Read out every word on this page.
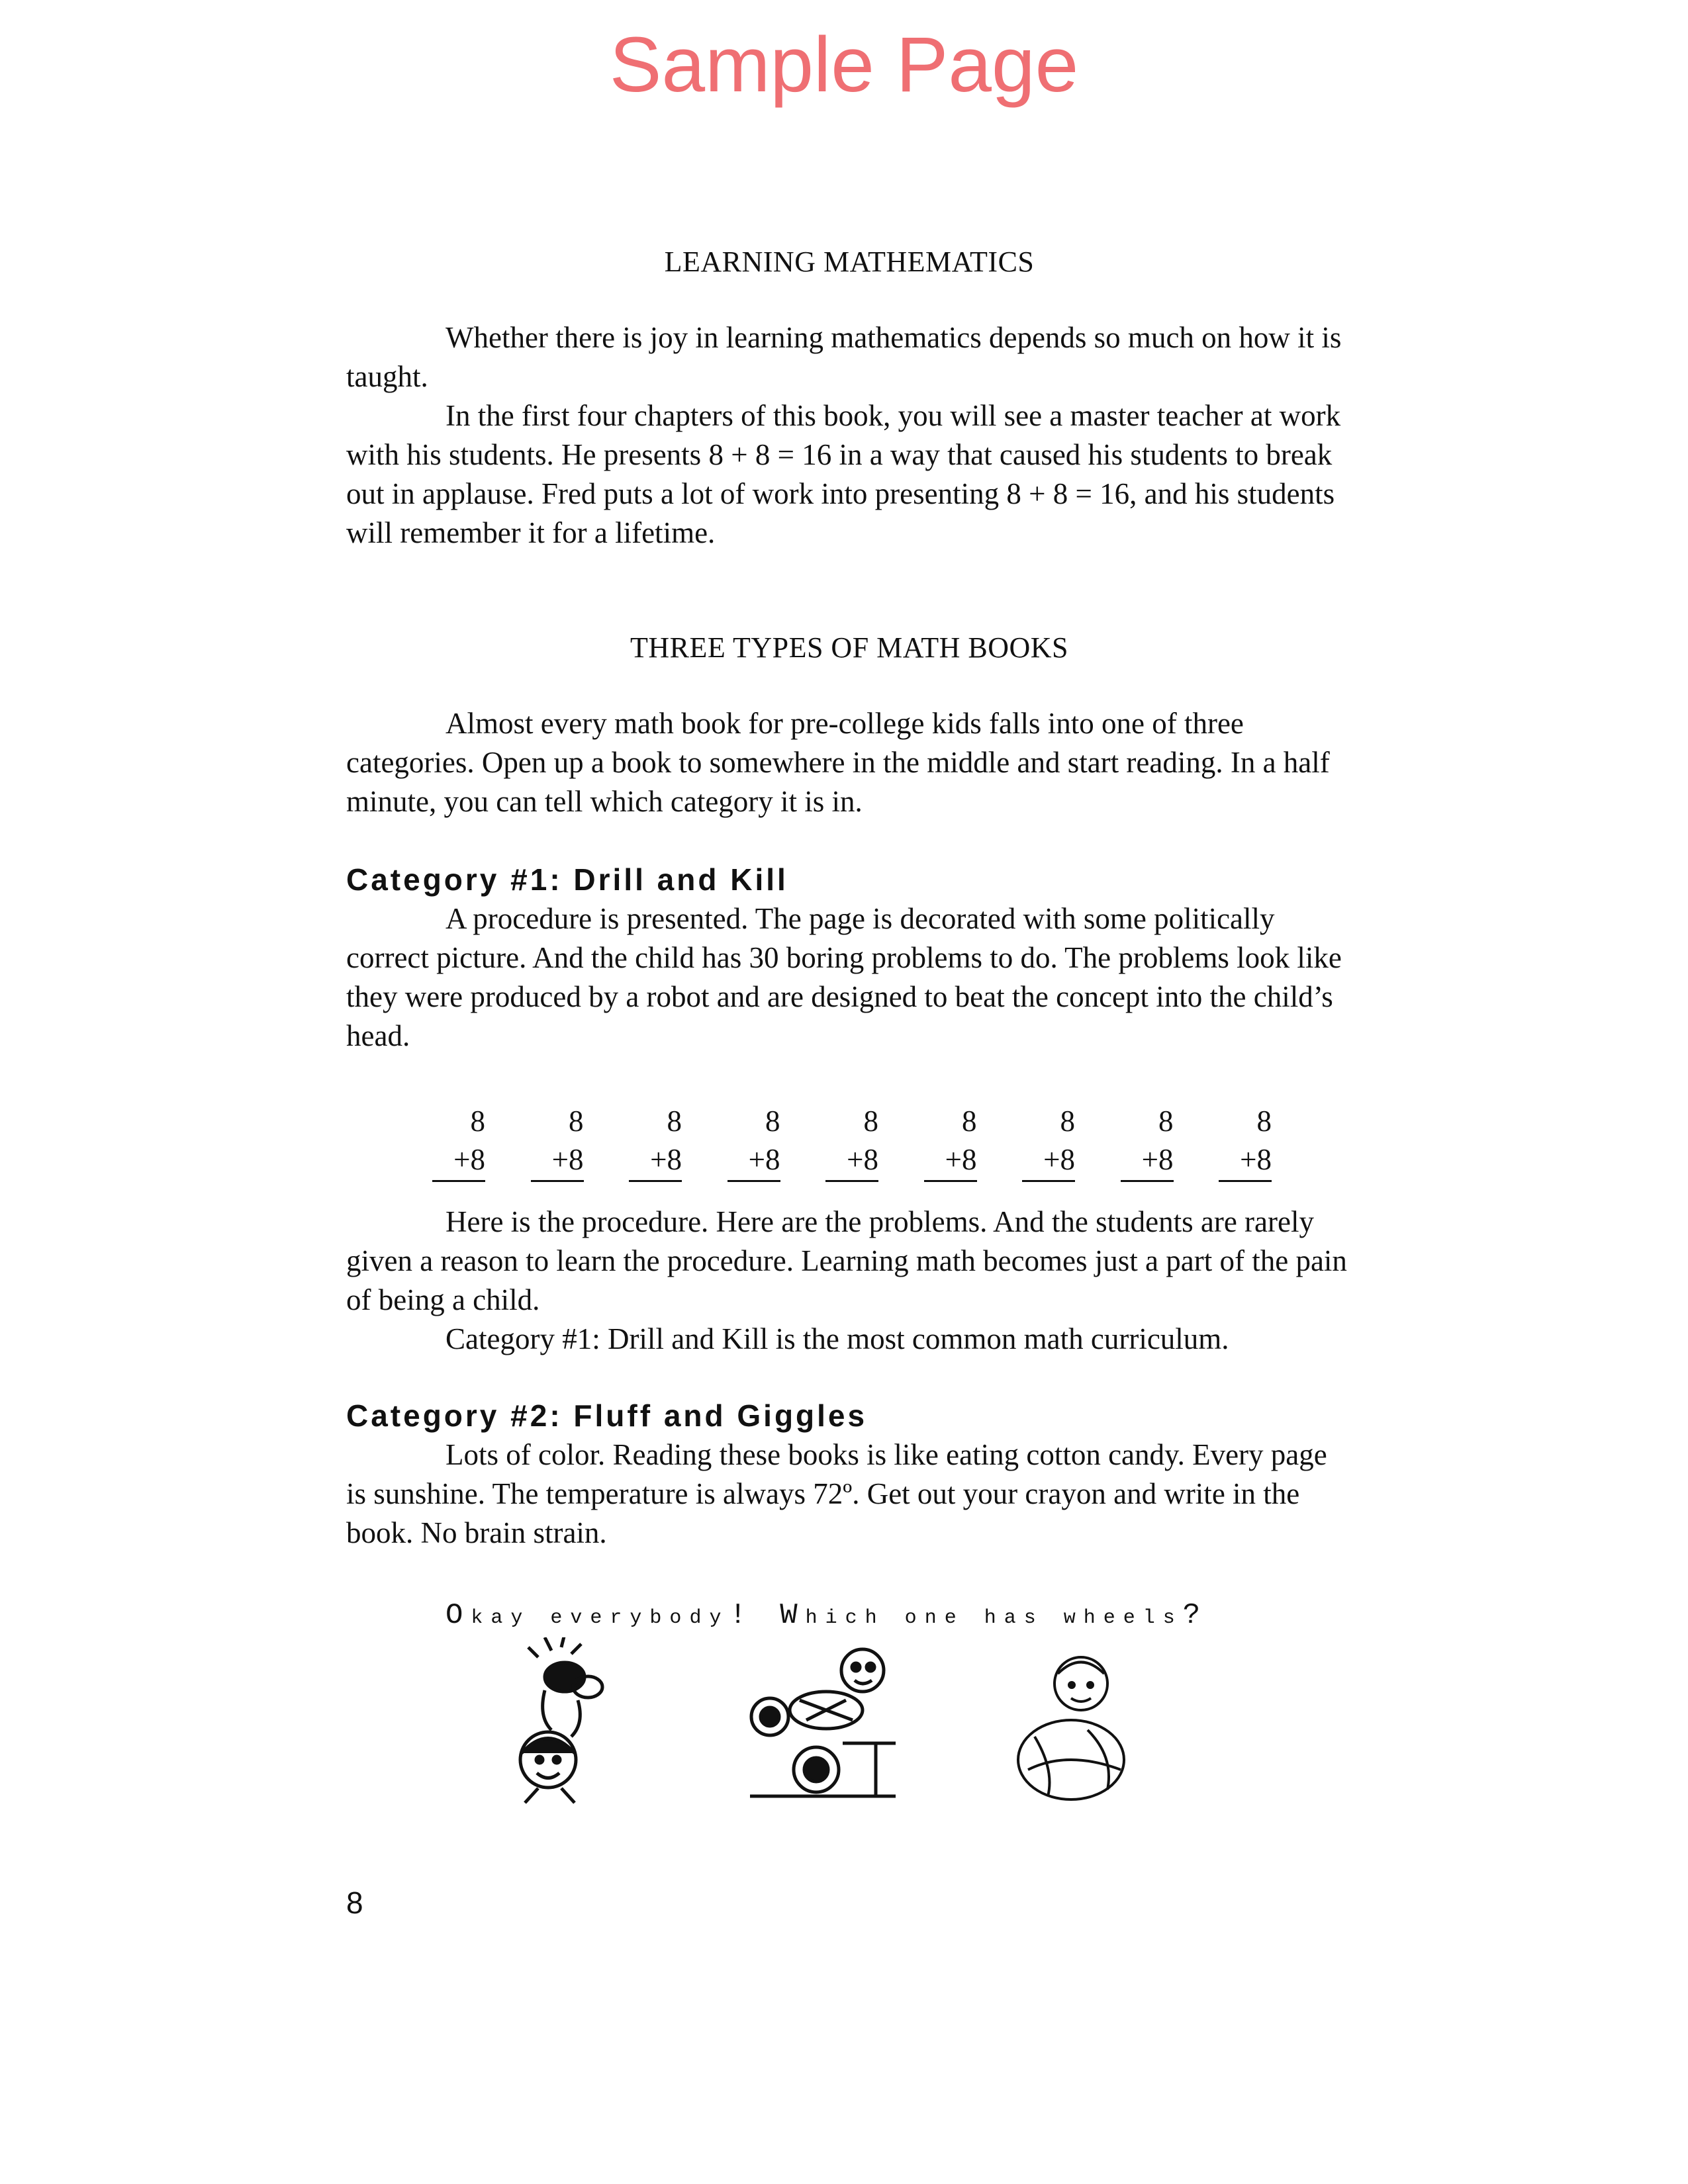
Sample Page
LEARNING MATHEMATICS

Whether there is joy in learning mathematics depends so much on how it is taught.

In the first four chapters of this book, you will see a master teacher at work with his students. He presents 8 + 8 = 16 in a way that caused his students to break out in applause. Fred puts a lot of work into presenting 8 + 8 = 16, and his students will remember it for a lifetime.

THREE TYPES OF MATH BOOKS

Almost every math book for pre-college kids falls into one of three categories. Open up a book to somewhere in the middle and start reading. In a half minute, you can tell which category it is in.

Category #1: Drill and Kill

A procedure is presented. The page is decorated with some politically correct picture. And the child has 30 boring problems to do. The problems look like they were produced by a robot and are designed to beat the concept into the child’s head.

8
+8
8
+8
8
+8
8
+8
8
+8
8
+8
8
+8
8
+8
8
+8

Here is the procedure. Here are the problems. And the students are rarely given a reason to learn the procedure. Learning math becomes just a part of the pain of being a child.

Category #1: Drill and Kill is the most common math curriculum.

Category #2: Fluff and Giggles

Lots of color. Reading these books is like eating cotton candy. Every page is sunshine. The temperature is always 72º. Get out your crayon and write in the book. No brain strain.

Okay everybody! Which one has wheels?
8
